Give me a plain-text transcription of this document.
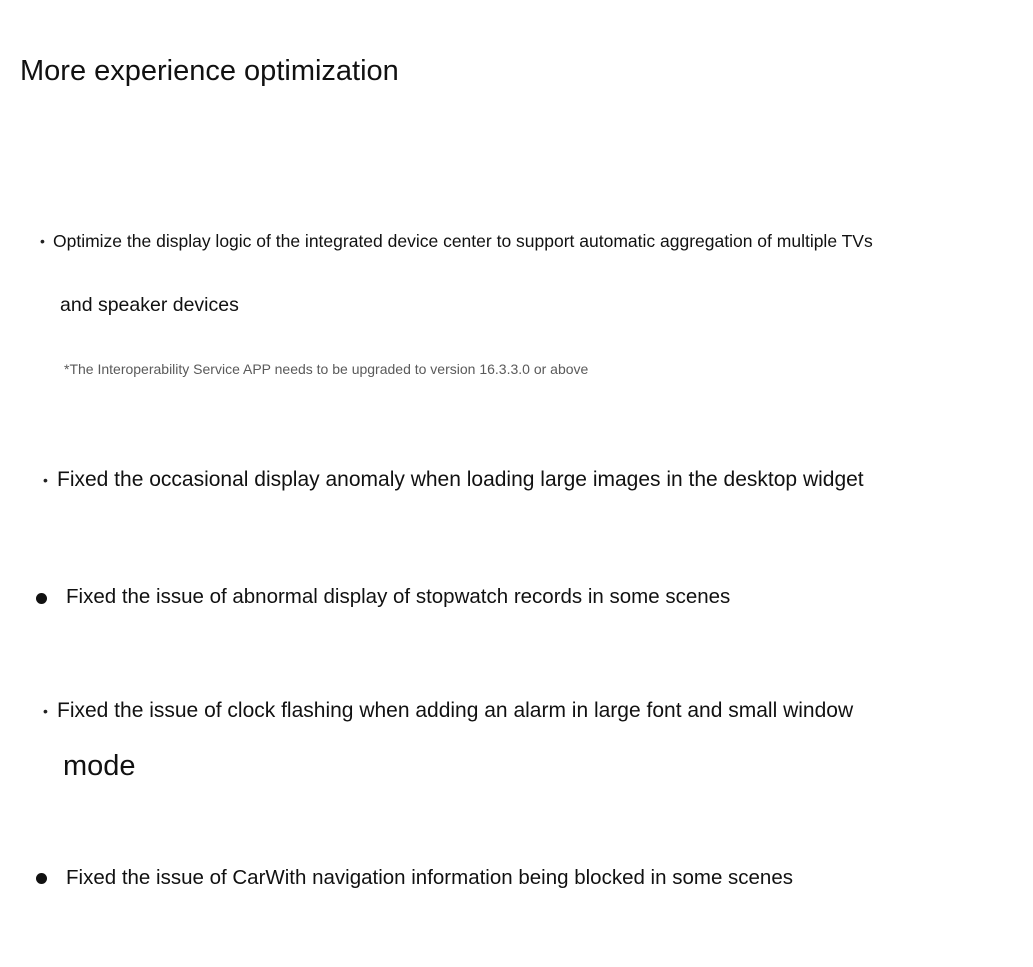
More experience optimization
• Optimize the display logic of the integrated device center to support automatic aggregation of multiple TVs
and speaker devices
*The Interoperability Service APP needs to be upgraded to version 16.3.3.0 or above
• Fixed the occasional display anomaly when loading large images in the desktop widget
Fixed the issue of abnormal display of stopwatch records in some scenes
• Fixed the issue of clock flashing when adding an alarm in large font and small window
mode
Fixed the issue of CarWith navigation information being blocked in some scenes
